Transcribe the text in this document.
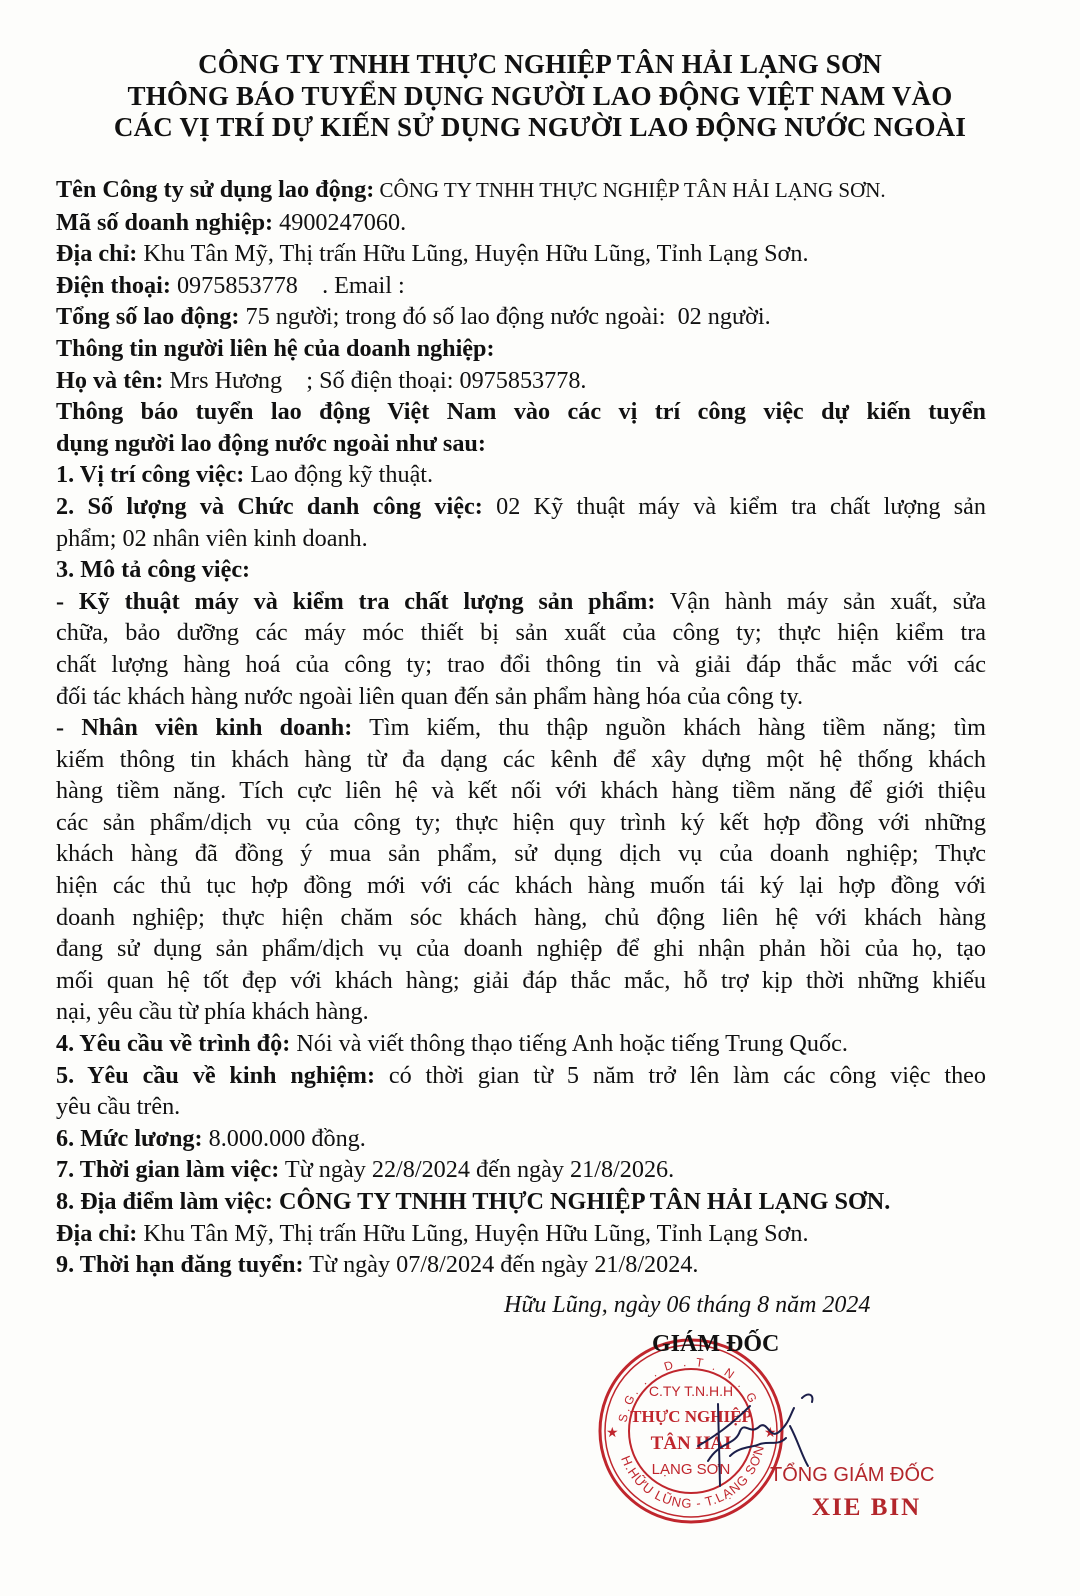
CÔNG TY TNHH THỰC NGHIỆP TÂN HẢI LẠNG SƠN
THÔNG BÁO TUYỂN DỤNG NGƯỜI LAO ĐỘNG VIỆT NAM VÀO
CÁC VỊ TRÍ DỰ KIẾN SỬ DỤNG NGƯỜI LAO ĐỘNG NƯỚC NGOÀI
Tên Công ty sử dụng lao động: CÔNG TY TNHH THỰC NGHIỆP TÂN HẢI LẠNG SƠN.
Mã số doanh nghiệp: 4900247060.
Địa chỉ: Khu Tân Mỹ, Thị trấn Hữu Lũng, Huyện Hữu Lũng, Tỉnh Lạng Sơn.
Điện thoại: 0975853778    . Email :
Tổng số lao động: 75 người; trong đó số lao động nước ngoài:  02 người.
Thông tin người liên hệ của doanh nghiệp:
Họ và tên: Mrs Hương    ; Số điện thoại: 0975853778.
Thông báo tuyển lao động Việt Nam vào các vị trí công việc dự kiến tuyển
dụng người lao động nước ngoài như sau:
1. Vị trí công việc: Lao động kỹ thuật.
2. Số lượng và Chức danh công việc: 02 Kỹ thuật máy và kiểm tra chất lượng sản
phẩm; 02 nhân viên kinh doanh.
3. Mô tả công việc:
- Kỹ thuật máy và kiểm tra chất lượng sản phẩm: Vận hành máy sản xuất, sửa
chữa, bảo dưỡng các máy móc thiết bị sản xuất của công ty; thực hiện kiểm tra
chất lượng hàng hoá của công ty; trao đổi thông tin và giải đáp thắc mắc với các
đối tác khách hàng nước ngoài liên quan đến sản phẩm hàng hóa của công ty.
- Nhân viên kinh doanh: Tìm kiếm, thu thập nguồn khách hàng tiềm năng; tìm
kiếm thông tin khách hàng từ đa dạng các kênh để xây dựng một hệ thống khách
hàng tiềm năng. Tích cực liên hệ và kết nối với khách hàng tiềm năng để giới thiệu
các sản phẩm/dịch vụ của công ty; thực hiện quy trình ký kết hợp đồng với những
khách hàng đã đồng ý mua sản phẩm, sử dụng dịch vụ của doanh nghiệp; Thực
hiện các thủ tục hợp đồng mới với các khách hàng muốn tái ký lại hợp đồng với
doanh nghiệp; thực hiện chăm sóc khách hàng, chủ động liên hệ với khách hàng
đang sử dụng sản phẩm/dịch vụ của doanh nghiệp để ghi nhận phản hồi của họ, tạo
mối quan hệ tốt đẹp với khách hàng; giải đáp thắc mắc, hỗ trợ kịp thời những khiếu
nại, yêu cầu từ phía khách hàng.
4. Yêu cầu về trình độ: Nói và viết thông thạo tiếng Anh hoặc tiếng Trung Quốc.
5. Yêu cầu về kinh nghiệm: có thời gian từ 5 năm trở lên làm các công việc theo
yêu cầu trên.
6. Mức lương: 8.000.000 đồng.
7. Thời gian làm việc: Từ ngày 22/8/2024 đến ngày 21/8/2026.
8. Địa điểm làm việc: CÔNG TY TNHH THỰC NGHIỆP TÂN HẢI LẠNG SƠN.
Địa chỉ: Khu Tân Mỹ, Thị trấn Hữu Lũng, Huyện Hữu Lũng, Tỉnh Lạng Sơn.
9. Thời hạn đăng tuyển: Từ ngày 07/8/2024 đến ngày 21/8/2024.
Hữu Lũng, ngày 06 tháng 8 năm 2024
GIÁM ĐỐC
S.G. . . D . T . N . G
H.HỮU LŨNG - T.LẠNG SƠN
★	★
C.TY T.N.H.H
THỰC NGHIỆP
TÂN HẢI
LẠNG SƠN TỔNG GIÁM ĐỐC
XIE BIN
